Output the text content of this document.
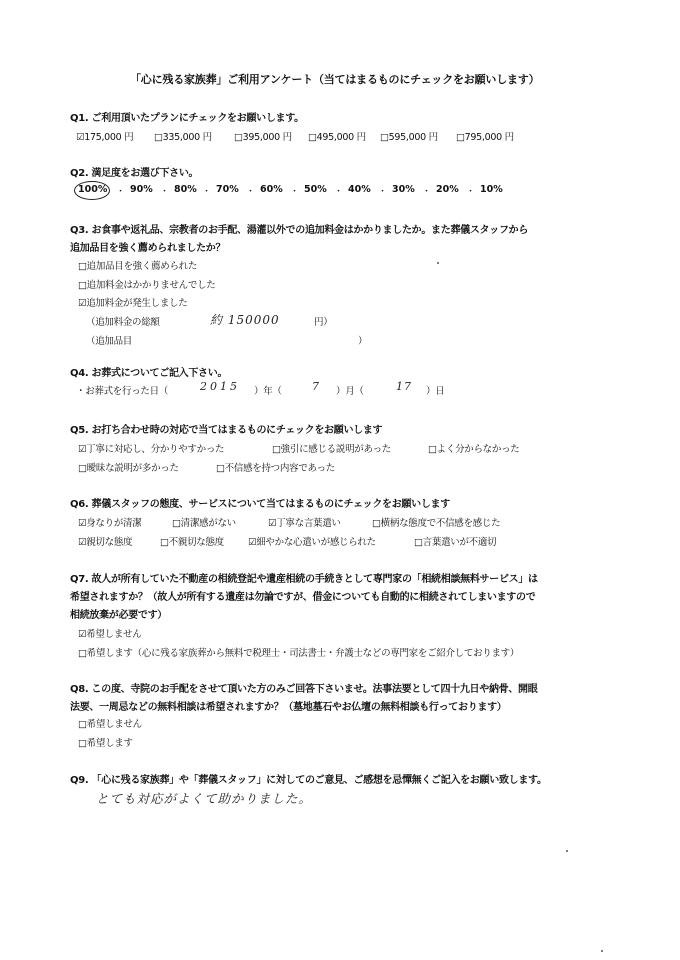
「心に残る家族葬」ご利用アンケート（当てはまるものにチェックをお願いします）
Q1. ご利用頂いたプランにチェックをお願いします。
☑175,000 円 □335,000 円 □395,000 円 □495,000 円 □595,000 円 □795,000 円
Q2. 満足度をお選び下さい。
100% ・ 90% ・ 80% ・ 70% ・ 60% ・ 50% ・ 40% ・ 30% ・ 20% ・ 10%
Q3. お食事や返礼品、宗教者のお手配、湯灌以外での追加料金はかかりましたか。また葬儀スタッフから
追加品目を強く薦められましたか？
□追加品目を強く薦められた
□追加料金はかかりませんでした
☑追加料金が発生しました
（追加料金の総額	約 150000	円）
（追加品目	）
Q4. お葬式についてご記入下さい。
・お葬式を行った日（	2015 ）年（	7 ）月（	17 ）日
Q5. お打ち合わせ時の対応で当てはまるものにチェックをお願いします
☑丁寧に対応し、分かりやすかった	□強引に感じる説明があった	□よく分からなかった
□曖昧な説明が多かった	□不信感を持つ内容であった
Q6. 葬儀スタッフの態度、サービスについて当てはまるものにチェックをお願いします
☑身なりが清潔	□清潔感がない	☑丁寧な言葉遣い	□横柄な態度で不信感を感じた
☑親切な態度	□不親切な態度	☑細やかな心遣いが感じられた	□言葉遣いが不適切
Q7. 故人が所有していた不動産の相続登記や遺産相続の手続きとして専門家の「相続相談無料サービス」は
希望されますか？（故人が所有する遺産は勿論ですが、借金についても自動的に相続されてしまいますので
相続放棄が必要です）
☑希望しません
□希望します（心に残る家族葬から無料で税理士・司法書士・弁護士などの専門家をご紹介しております）
Q8. この度、寺院のお手配をさせて頂いた方のみご回答下さいませ。法事法要として四十九日や納骨、開眼
法要、一周忌などの無料相談は希望されますか？（墓地墓石やお仏壇の無料相談も行っております）
□希望しません
□希望します
Q9. 「心に残る家族葬」や「葬儀スタッフ」に対してのご意見、ご感想を忌憚無くご記入をお願い致します。
とても対応がよくて助かりました。
